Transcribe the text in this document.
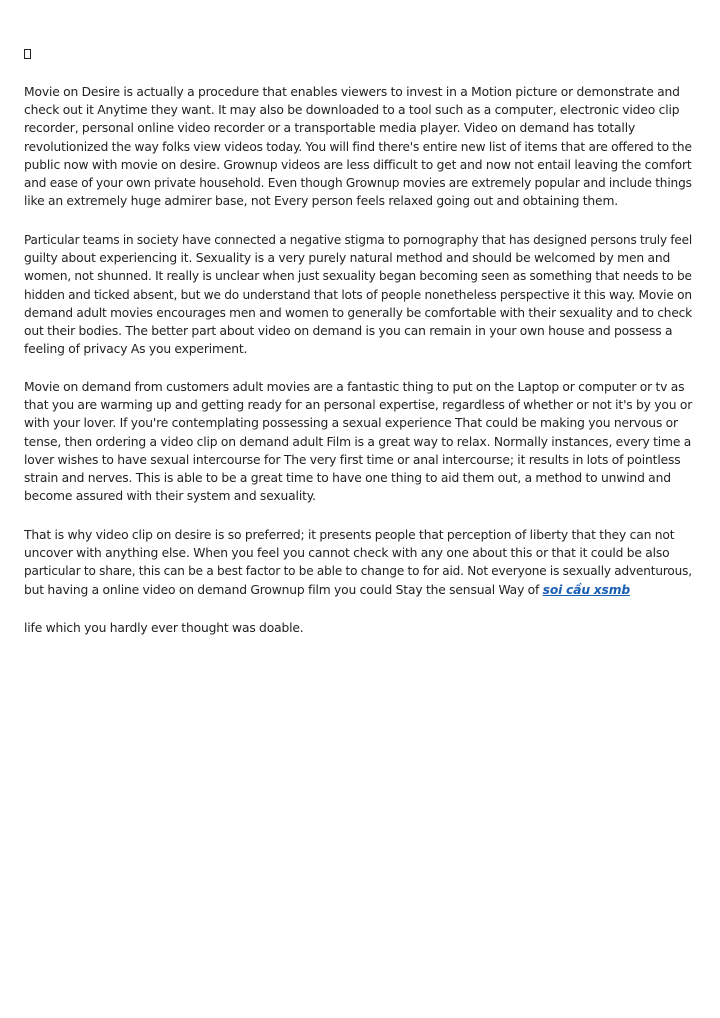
Movie on Desire is actually a procedure that enables viewers to invest in a Motion picture or demonstrate and
check out it Anytime they want. It may also be downloaded to a tool such as a computer, electronic video clip
recorder, personal online video recorder or a transportable media player. Video on demand has totally
revolutionized the way folks view videos today. You will find there's entire new list of items that are offered to the
public now with movie on desire. Grownup videos are less difficult to get and now not entail leaving the comfort
and ease of your own private household. Even though Grownup movies are extremely popular and include things
like an extremely huge admirer base, not Every person feels relaxed going out and obtaining them.

Particular teams in society have connected a negative stigma to pornography that has designed persons truly feel
guilty about experiencing it. Sexuality is a very purely natural method and should be welcomed by men and
women, not shunned. It really is unclear when just sexuality began becoming seen as something that needs to be
hidden and ticked absent, but we do understand that lots of people nonetheless perspective it this way. Movie on
demand adult movies encourages men and women to generally be comfortable with their sexuality and to check
out their bodies. The better part about video on demand is you can remain in your own house and possess a
feeling of privacy As you experiment.

Movie on demand from customers adult movies are a fantastic thing to put on the Laptop or computer or tv as
that you are warming up and getting ready for an personal expertise, regardless of whether or not it's by you or
with your lover. If you're contemplating possessing a sexual experience That could be making you nervous or
tense, then ordering a video clip on demand adult Film is a great way to relax. Normally instances, every time a
lover wishes to have sexual intercourse for The very first time or anal intercourse; it results in lots of pointless
strain and nerves. This is able to be a great time to have one thing to aid them out, a method to unwind and
become assured with their system and sexuality.

That is why video clip on desire is so preferred; it presents people that perception of liberty that they can not
uncover with anything else. When you feel you cannot check with any one about this or that it could be also
particular to share, this can be a best factor to be able to change to for aid. Not everyone is sexually adventurous,
but having a online video on demand Grownup film you could Stay the sensual Way of soi cầu xsmb

life which you hardly ever thought was doable.
